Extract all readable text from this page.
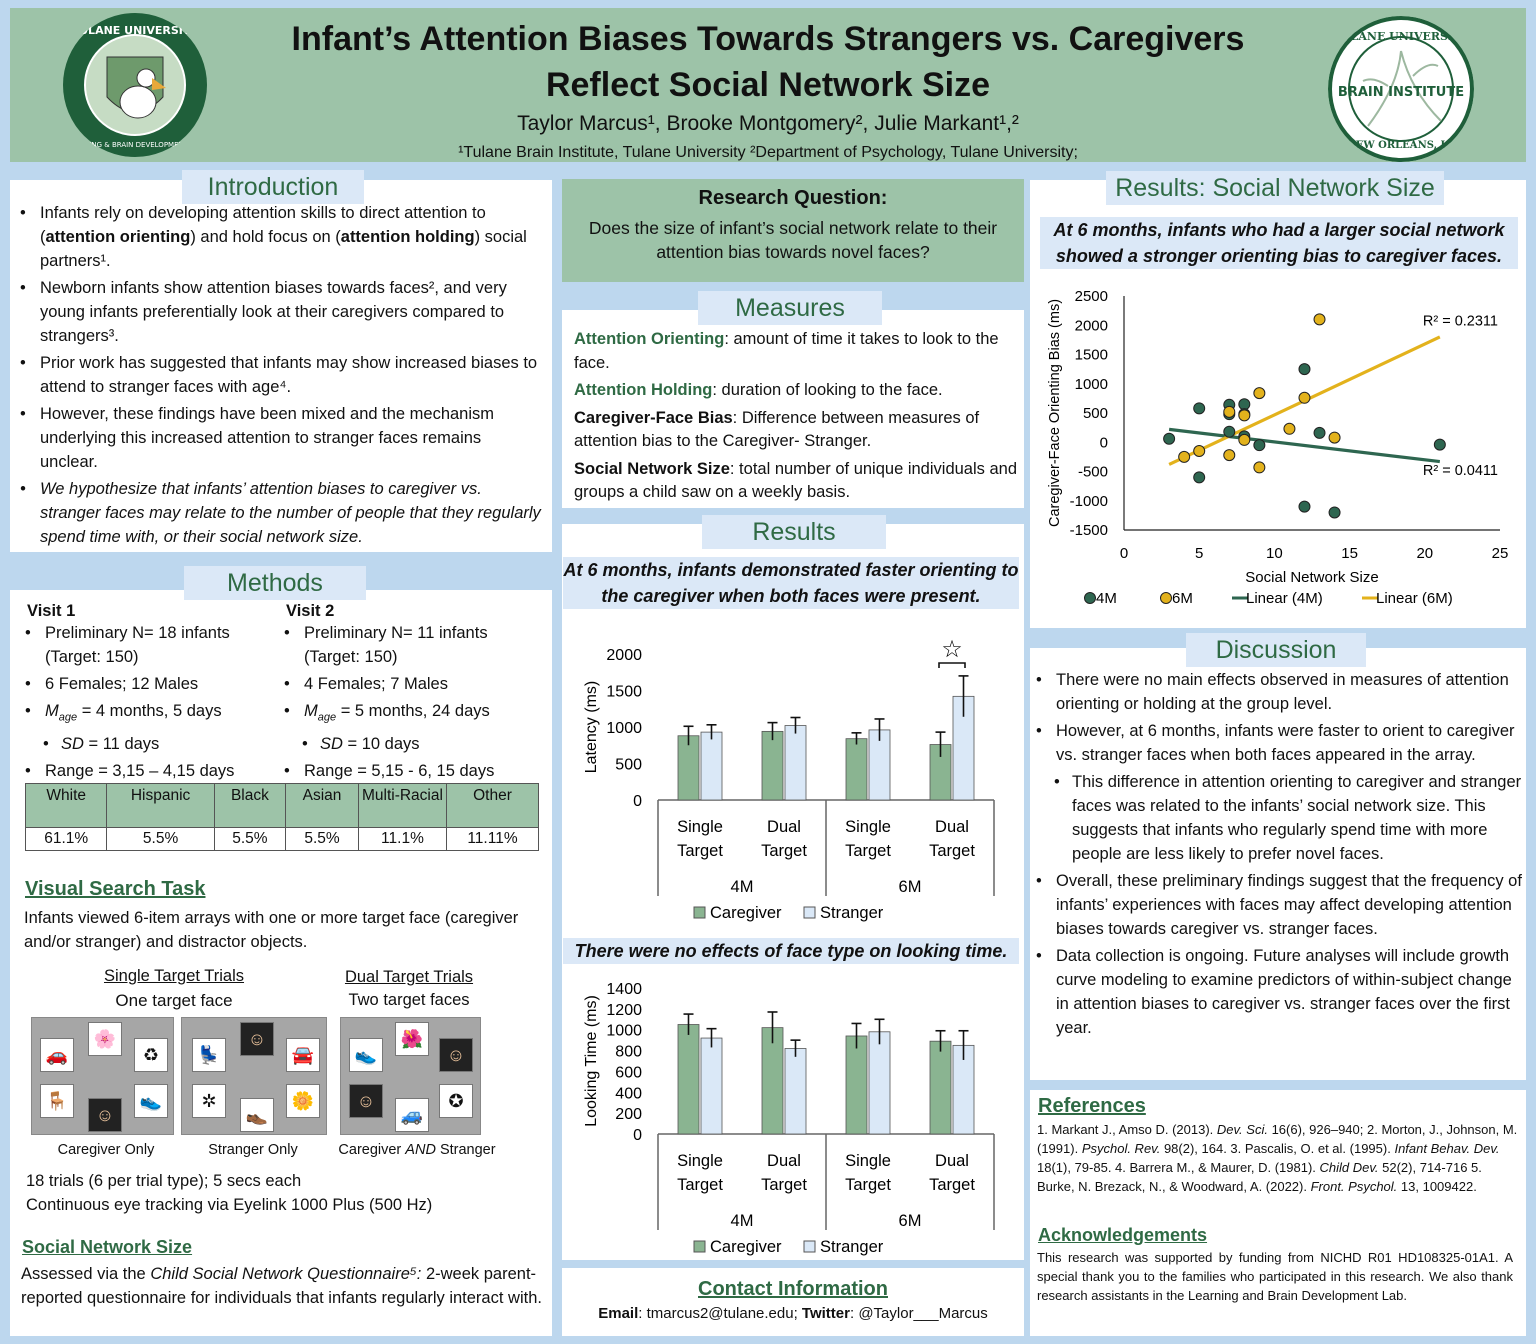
TULANE UNIVERSITY
LEARNING & BRAIN DEVELOPMENT LAB
Infant’s Attention Biases Towards Strangers vs. Caregivers
Reflect Social Network Size
Taylor Marcus¹, Brooke Montgomery², Julie Markant¹,²
¹Tulane Brain Institute, Tulane University ²Department of Psychology, Tulane University;
TULANE UNIVERSITY
BRAIN INSTITUTE
NEW ORLEANS, LA
Introduction
• Infants rely on developing attention skills to direct attention to (attention orienting) and hold focus on (attention holding) social partners¹.
• Newborn infants show attention biases towards faces², and very young infants preferentially look at their caregivers compared to strangers³.
• Prior work has suggested that infants may show increased biases to attend to stranger faces with age⁴.
• However, these findings have been mixed and the mechanism underlying this increased attention to stranger faces remains unclear.
• We hypothesize that infants’ attention biases to caregiver vs. stranger faces may relate to the number of people that they regularly spend time with, or their social network size.
Methods
Visit 1
• Preliminary N= 18 infants (Target: 150)
• 6 Females; 12 Males
• $M_{age} = 4$ months, 5 days
• SD = 11 days
• Range = 3,15 – 4,15 days
Visit 2
• Preliminary N= 11 infants (Target: 150)
• 4 Females; 7 Males
• $M_{age} = 5$ months, 24 days
• SD = 10 days
• Range = 5,15 - 6, 15 days
White	Hispanic	Black	Asian	Multi-Racial	Other
61.1%	5.5%	5.5%	5.5%	11.1%	11.11%
Visual Search Task
Infants viewed 6-item arrays with one or more target face (caregiver and/or stranger) and distractor objects.
Single Target Trials
One target face
Dual Target Trials
Two target faces
🚗
🌸
♻
🪑
☺
👟
💺
☺
🚘
✲
👞
🌼
👟
🌺
☺
☺
🚙
✪
Caregiver Only	Stranger Only	Caregiver AND Stranger
18 trials (6 per trial type); 5 secs each
Continuous eye tracking via Eyelink 1000 Plus (500 Hz)
Social Network Size
Assessed via the Child Social Network Questionnaire⁵: 2-week parent-reported questionnaire for individuals that infants regularly interact with.
Research Question:
Does the size of infant’s social network relate to their attention bias towards novel faces?
Measures
Attention Orienting: amount of time it takes to look to the face.
Attention Holding: duration of looking to the face.
Caregiver-Face Bias: Difference between measures of attention bias to the Caregiver- Stranger.
Social Network Size: total number of unique individuals and groups a child saw on a weekly basis.
Results
At 6 months, infants demonstrated faster orienting to the caregiver when both faces were present.
0
500
1000
1500
2000
Latency (ms)
Single
Target
Dual
Target
Single
Target
Dual
Target
4M	6M
Caregiver Stranger
☆
There were no effects of face type on looking time.
0
200
400
600
800
1000
1200
1400
Looking Time (ms)
Single
Target
Dual
Target
Single
Target
Dual
Target
4M	6M
Caregiver Stranger
Contact Information
Email: tmarcus2@tulane.edu; Twitter: @Taylor___Marcus
Results: Social Network Size
At 6 months, infants who had a larger social network showed a stronger orienting bias to caregiver faces.
-1500
-1000
-500
0
500
1000
1500
2000
2500
0	5	10	15	20	25
Social Network Size
Caregiver-Face Orienting Bias (ms)	R² = 0.0411
R² = 0.2311
4M	6M	Linear (4M)	Linear (6M)
Discussion
• There were no main effects observed in measures of attention orienting or holding at the group level.
• However, at 6 months, infants were faster to orient to caregiver vs. stranger faces when both faces appeared in the array.
• This difference in attention orienting to caregiver and stranger faces was related to the infants’ social network size. This suggests that infants who regularly spend time with more people are less likely to prefer novel faces.
• Overall, these preliminary findings suggest that the frequency of infants’ experiences with faces may affect developing attention biases towards caregiver vs. stranger faces.
• Data collection is ongoing. Future analyses will include growth curve modeling to examine predictors of within-subject change in attention biases to caregiver vs. stranger faces over the first year.
References
1. Markant J., Amso D. (2013). Dev. Sci. 16(6), 926–940; 2. Morton, J., Johnson, M. (1991). Psychol. Rev. 98(2), 164. 3. Pascalis, O. et al. (1995). Infant Behav. Dev. 18(1), 79-85. 4. Barrera M., & Maurer, D. (1981). Child Dev. 52(2), 714-716 5. Burke, N. Brezack, N., & Woodward, A. (2022). Front. Psychol. 13, 1009422.
Acknowledgements
This research was supported by funding from NICHD R01 HD108325-01A1. A special thank you to the families who participated in this research. We also thank research assistants in the Learning and Brain Development Lab.
